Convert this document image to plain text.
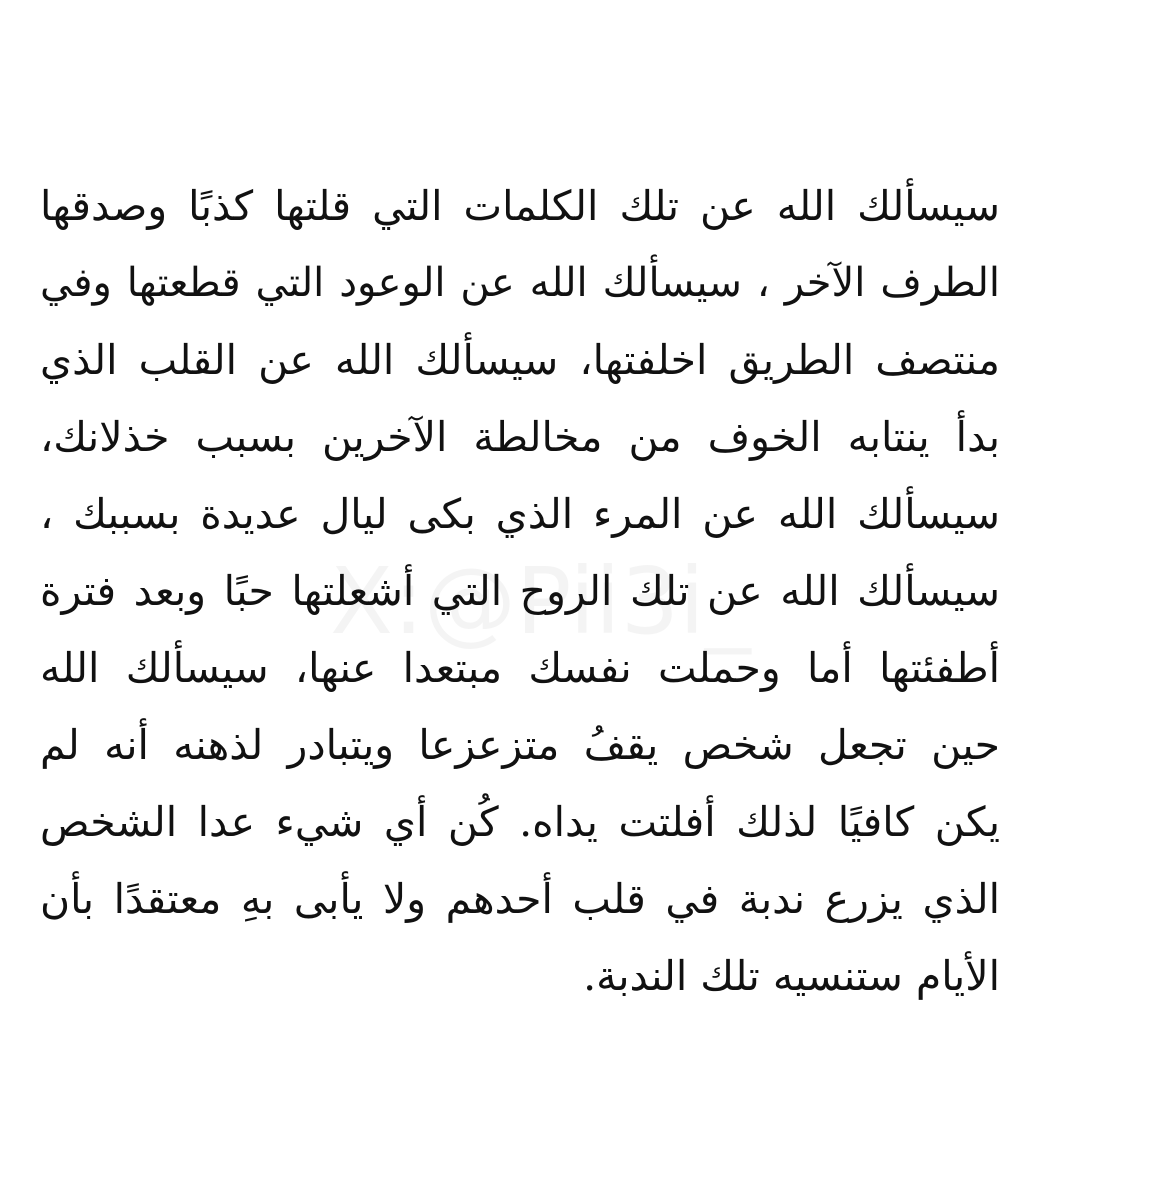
سيسألك الله عن تلك الكلمات التي قلتها كذبًا وصدقها
الطرف الآخر ، سيسألك الله عن الوعود التي قطعتها وفي
منتصف الطريق اخلفتها، سيسألك الله عن القلب الذي
بدأ ينتابه الخوف من مخالطة الآخرين بسبب خذلانك،
سيسألك الله عن المرء الذي بكى ليال عديدة بسببك ،
سيسألك الله عن تلك الروح التي أشعلتها حبًا وبعد فترة
أطفئتها أما وحملت نفسك مبتعدا عنها، سيسألك الله
حين تجعل شخص يقفُ متزعزعا ويتبادر لذهنه أنه لم
يكن كافيًا لذلك أفلتت يداه. كُن أي شيء عدا الشخص
الذي يزرع ندبة في قلب أحدهم ولا يأبى بهِ معتقدًا بأن
الأيام ستنسيه تلك الندبة.
